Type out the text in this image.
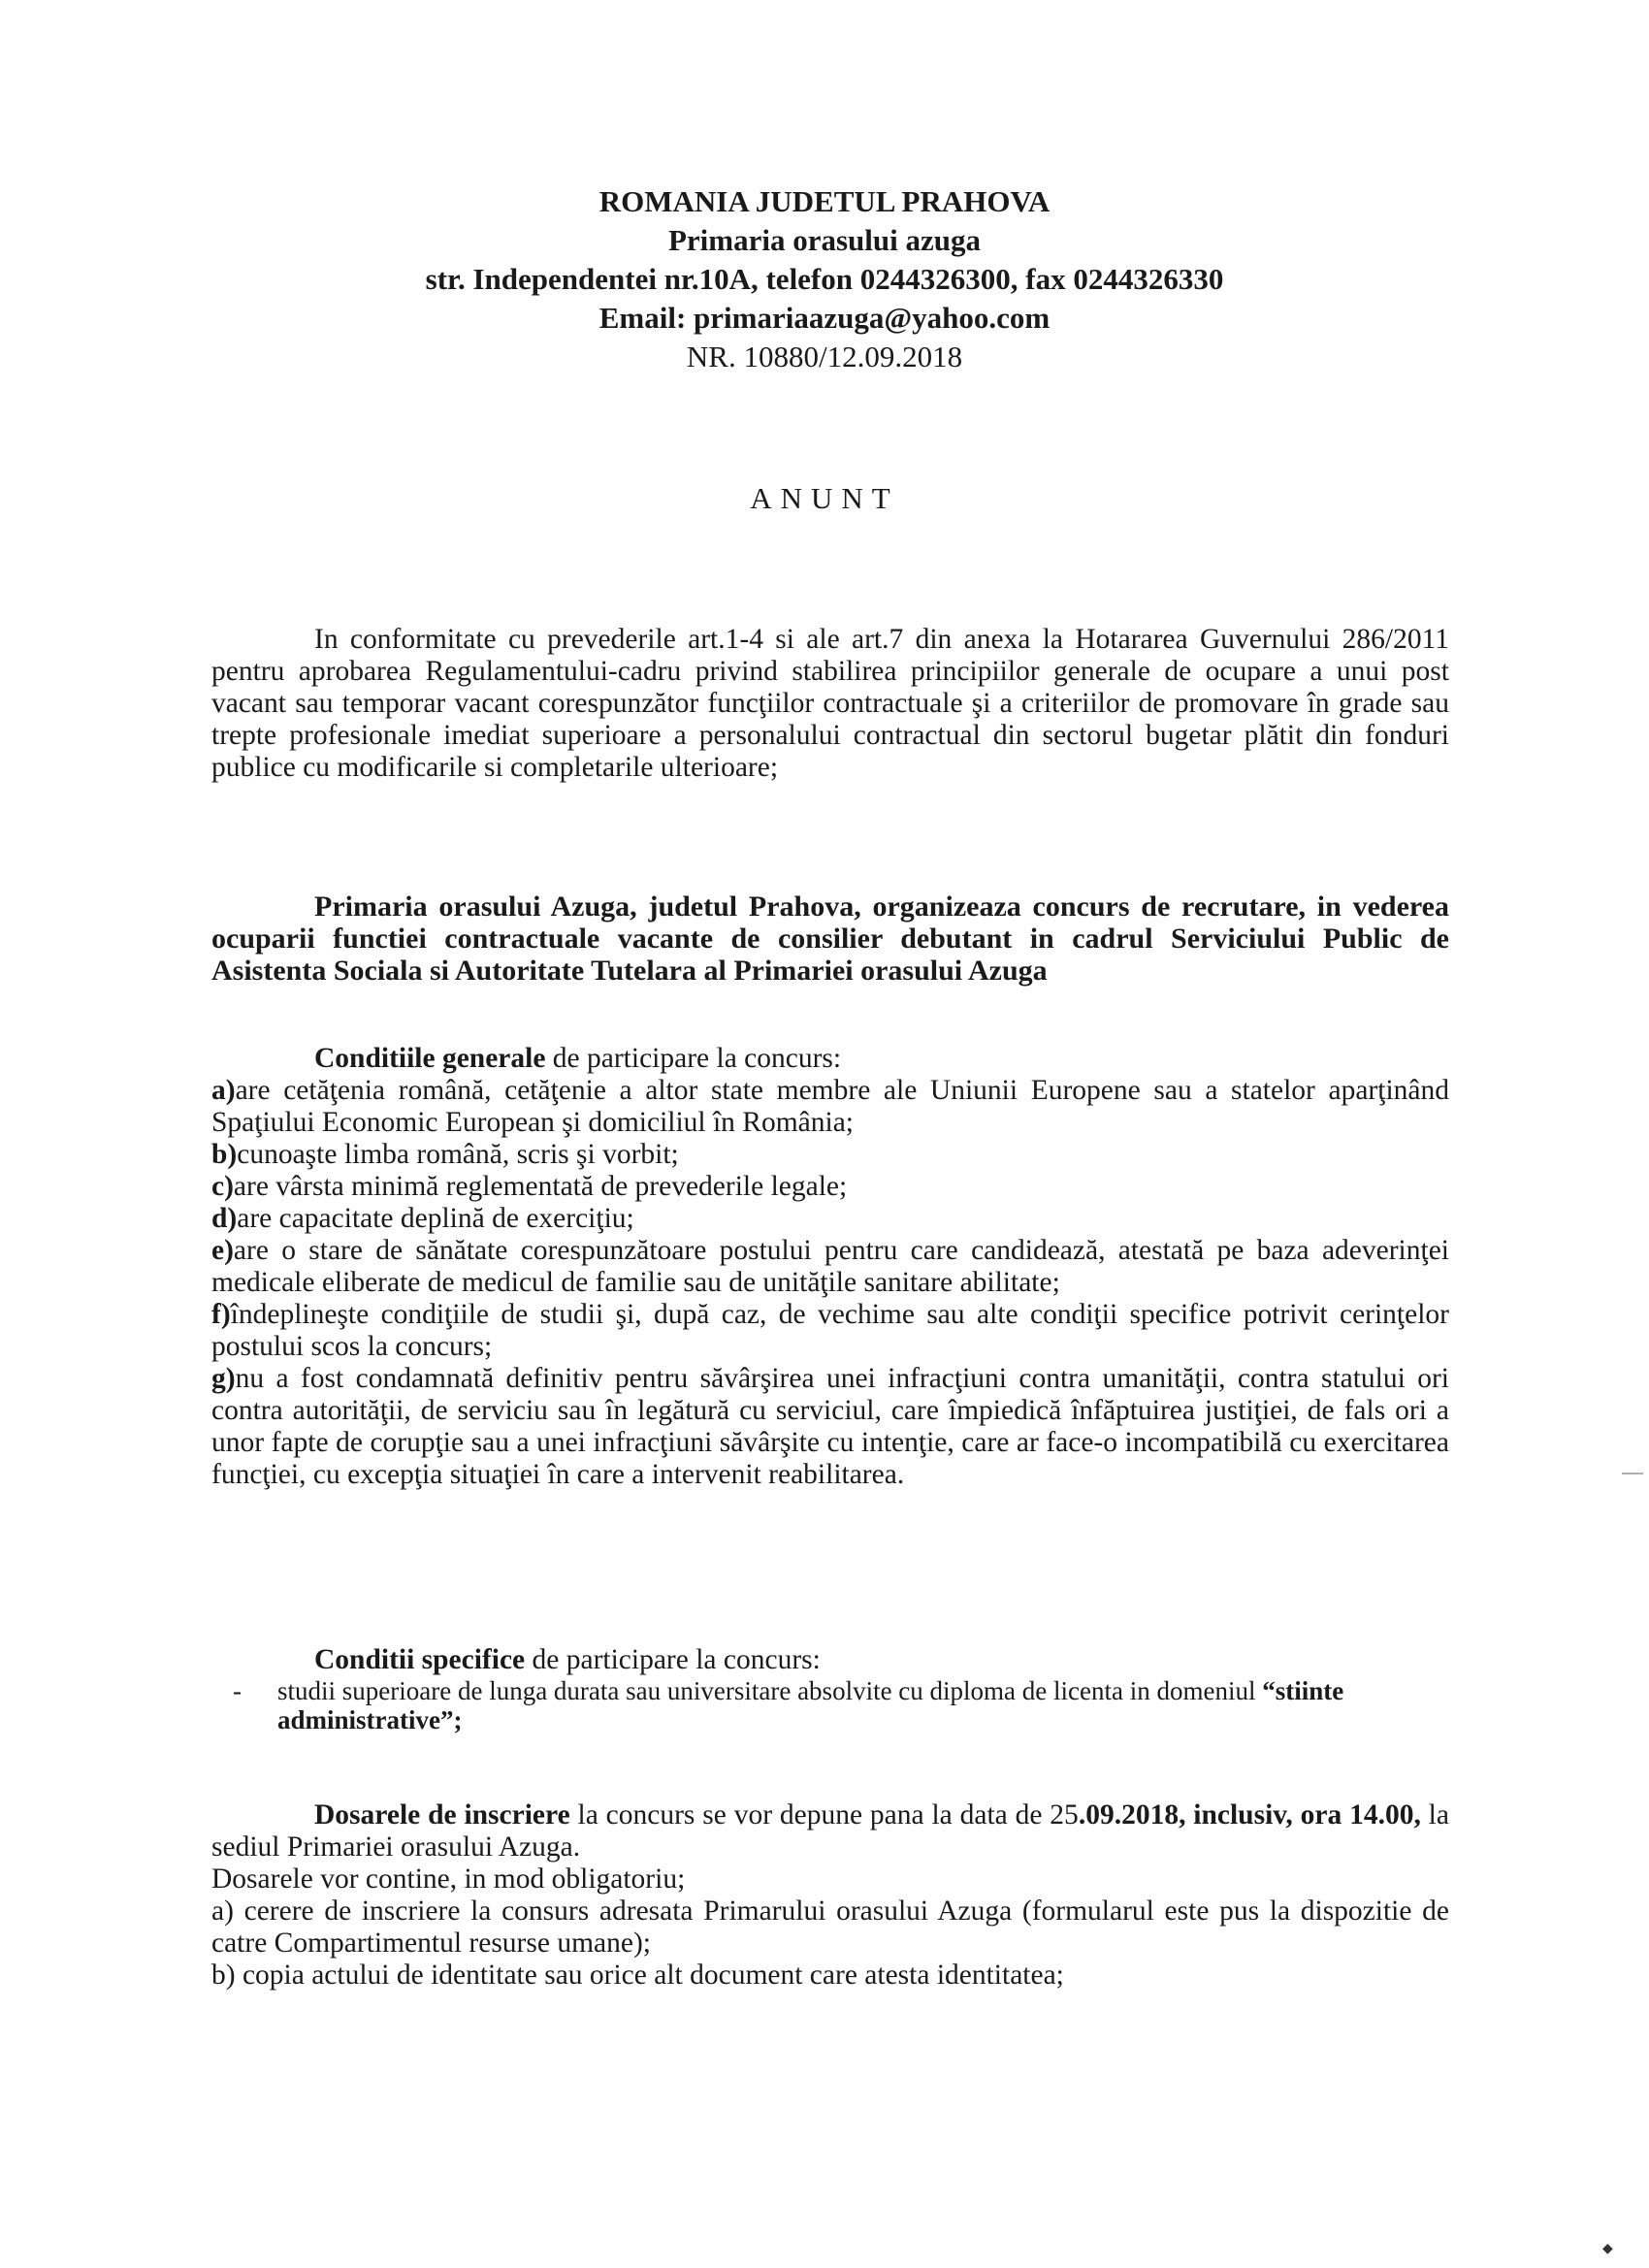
ROMANIA JUDETUL PRAHOVA
Primaria orasului azuga
str. Independentei nr.10A, telefon 0244326300, fax 0244326330
Email: primariaazuga@yahoo.com
NR. 10880/12.09.2018
ANUNT

In conformitate cu prevederile art.1-4 si ale art.7 din anexa la Hotararea Guvernului 286/2011 pentru aprobarea Regulamentului-cadru privind stabilirea principiilor generale de ocupare a unui post vacant sau temporar vacant corespunzător funcţiilor contractuale şi a criteriilor de promovare în grade sau trepte profesionale imediat superioare a personalului contractual din sectorul bugetar plătit din fonduri publice cu modificarile si completarile ulterioare;

Primaria orasului Azuga, judetul Prahova, organizeaza concurs de recrutare, in vederea ocuparii functiei contractuale vacante de consilier debutant in cadrul Serviciului Public de Asistenta Sociala si Autoritate Tutelara al Primariei orasului Azuga

Conditiile generale de participare la concurs:

a)are cetăţenia română, cetăţenie a altor state membre ale Uniunii Europene sau a statelor aparţinând Spaţiului Economic European şi domiciliul în România;

b)cunoaşte limba română, scris şi vorbit;

c)are vârsta minimă reglementată de prevederile legale;

d)are capacitate deplină de exerciţiu;

e)are o stare de sănătate corespunzătoare postului pentru care candidează, atestată pe baza adeverinţei medicale eliberate de medicul de familie sau de unităţile sanitare abilitate;

f)îndeplineşte condiţiile de studii şi, după caz, de vechime sau alte condiţii specifice potrivit cerinţelor postului scos la concurs;

g)nu a fost condamnată definitiv pentru săvârşirea unei infracţiuni contra umanităţii, contra statului ori contra autorităţii, de serviciu sau în legătură cu serviciul, care împiedică înfăptuirea justiţiei, de fals ori a unor fapte de corupţie sau a unei infracţiuni săvârşite cu intenţie, care ar face-o incompatibilă cu exercitarea funcţiei, cu excepţia situaţiei în care a intervenit reabilitarea.

Conditii specifice de participare la concurs:

-	studii superioare de lunga durata sau universitare absolvite cu diploma de licenta in domeniul “stiinte administrative”;

Dosarele de inscriere la concurs se vor depune pana la data de 25.09.2018, inclusiv, ora 14.00, la sediul Primariei orasului Azuga.

Dosarele vor contine, in mod obligatoriu;

a) cerere de inscriere la consurs adresata Primarului orasului Azuga (formularul este pus la dispozitie de catre Compartimentul resurse umane);

b) copia actului de identitate sau orice alt document care atesta identitatea;

◆
